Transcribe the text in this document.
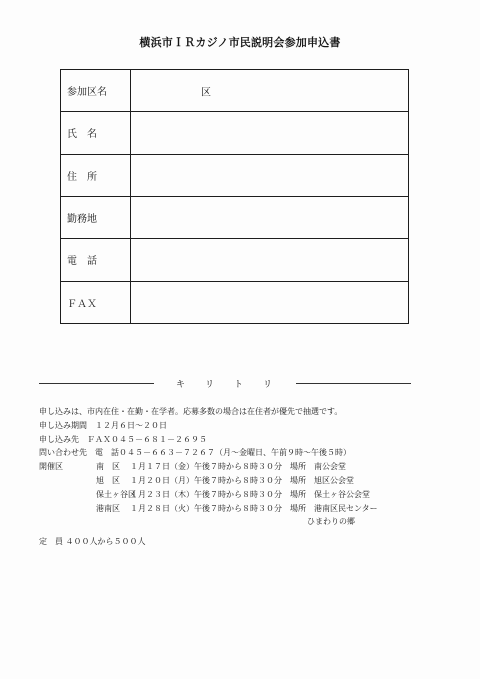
横浜市ＩＲカジノ市民説明会参加申込書
参加区名	区

氏　名	
住　所	
勤務地	
電　話	
ＦＡＸ	
キリトリ
申し込みは、市内在住・在勤・在学者。応募多数の場合は在住者が優先で抽選です。
申し込み期間　１２月６日～２０日
申し込み先　ＦＡＸ０４５－６８１－２６９５
問い合わせ先　電　話０４５－６６３－７２６７（月～金曜日、午前９時～午後５時）
開催区	南　区 １月１７日（金）午後７時から８時３０分　場所　南公会堂
旭　区 １月２０日（月）午後７時から８時３０分　場所　旭区公会堂
保土ヶ谷区１月２３日（木）午後７時から８時３０分　場所　保土ヶ谷公会堂
港南区 １月２８日（火）午後７時から８時３０分　場所　港南区民センター
ひまわりの郷
定　員 ４００人から５００人
